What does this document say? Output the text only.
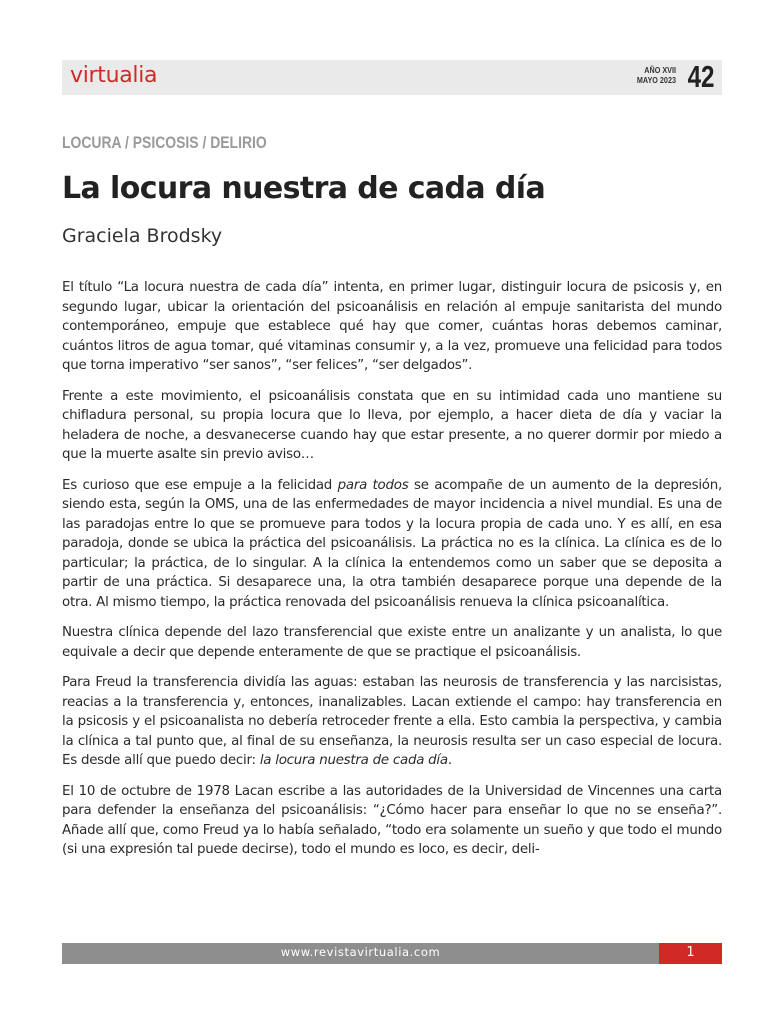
virtualia	AÑO XVII
MAYO 2023 42
LOCURA / PSICOSIS / DELIRIO
La locura nuestra de cada día
Graciela Brodsky

El título “La locura nuestra de cada día” intenta, en primer lugar, distinguir locura de psicosis y, en segundo lugar, ubicar la orientación del psicoanálisis en relación al empuje sanitarista del mundo contemporáneo, empuje que establece qué hay que comer, cuántas horas debemos caminar, cuántos litros de agua tomar, qué vitaminas consumir y, a la vez, promueve una felicidad para todos que torna imperativo “ser sanos”, “ser felices”, “ser delgados”.

Frente a este movimiento, el psicoanálisis constata que en su intimidad cada uno mantiene su chifladura personal, su propia locura que lo lleva, por ejemplo, a hacer dieta de día y vaciar la heladera de noche, a desvanecerse cuando hay que estar presente, a no querer dormir por miedo a que la muerte asalte sin previo aviso…

Es curioso que ese empuje a la felicidad para todos se acompañe de un aumento de la depresión, siendo esta, según la OMS, una de las enfermedades de mayor incidencia a nivel mundial. Es una de las paradojas entre lo que se promueve para todos y la locura propia de cada uno. Y es allí, en esa paradoja, donde se ubica la práctica del psicoanálisis. La práctica no es la clínica. La clínica es de lo particular; la práctica, de lo singular. A la clínica la entendemos como un saber que se deposita a partir de una práctica. Si desaparece una, la otra también desaparece porque una depende de la otra. Al mismo tiempo, la práctica renovada del psicoanálisis renueva la clínica psicoanalítica.

Nuestra clínica depende del lazo transferencial que existe entre un analizante y un analista, lo que equivale a decir que depende enteramente de que se practique el psicoanálisis.

Para Freud la transferencia dividía las aguas: estaban las neurosis de transferencia y las narcisistas, reacias a la transferencia y, entonces, inanalizables. Lacan extiende el campo: hay transferencia en la psicosis y el psicoanalista no debería retroceder frente a ella. Esto cambia la perspectiva, y cambia la clínica a tal punto que, al final de su enseñanza, la neurosis resulta ser un caso especial de locura. Es desde allí que puedo decir: la locura nuestra de cada día.

El 10 de octubre de 1978 Lacan escribe a las autoridades de la Universidad de Vincennes una carta para defender la enseñanza del psicoanálisis: “¿Cómo hacer para enseñar lo que no se enseña?”. Añade allí que, como Freud ya lo había señalado, “todo era solamente un sueño y que todo el mundo (si una expresión tal puede decirse), todo el mundo es loco, es decir, deli-

www.revistavirtualia.com	1
